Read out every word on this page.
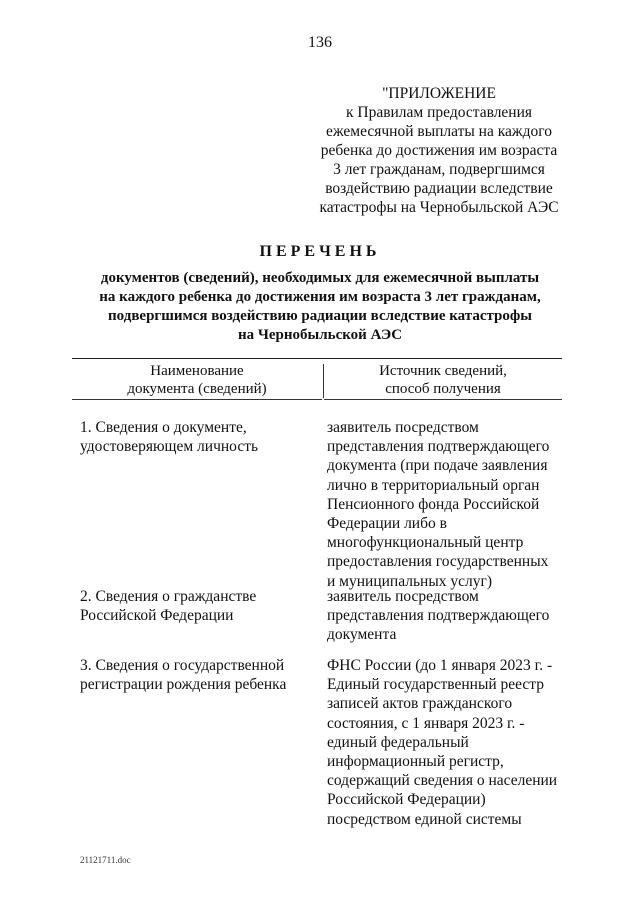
136
"ПРИЛОЖЕНИЕ
к Правилам предоставления
ежемесячной выплаты на каждого
ребенка до достижения им возраста
3 лет гражданам, подвергшимся
воздействию радиации вследствие
катастрофы на Чернобыльской АЭС
ПЕРЕЧЕНЬ
документов (сведений), необходимых для ежемесячной выплаты
на каждого ребенка до достижения им возраста 3 лет гражданам,
подвергшимся воздействию радиации вследствие катастрофы
на Чернобыльской АЭС
Наименование
документа (сведений)
Источник сведений,
способ получения
1. Сведения о документе,
удостоверяющем личность
заявитель посредством
представления подтверждающего
документа (при подаче заявления
лично в территориальный орган
Пенсионного фонда Российской
Федерации либо в
многофункциональный центр
предоставления государственных
и муниципальных услуг)
2. Сведения о гражданстве
Российской Федерации
заявитель посредством
представления подтверждающего
документа
3. Сведения о государственной
регистрации рождения ребенка
ФНС России (до 1 января 2023 г. -
Единый государственный реестр
записей актов гражданского
состояния, с 1 января 2023 г. -
единый федеральный
информационный регистр,
содержащий сведения о населении
Российской Федерации)
посредством единой системы
21121711.doc
